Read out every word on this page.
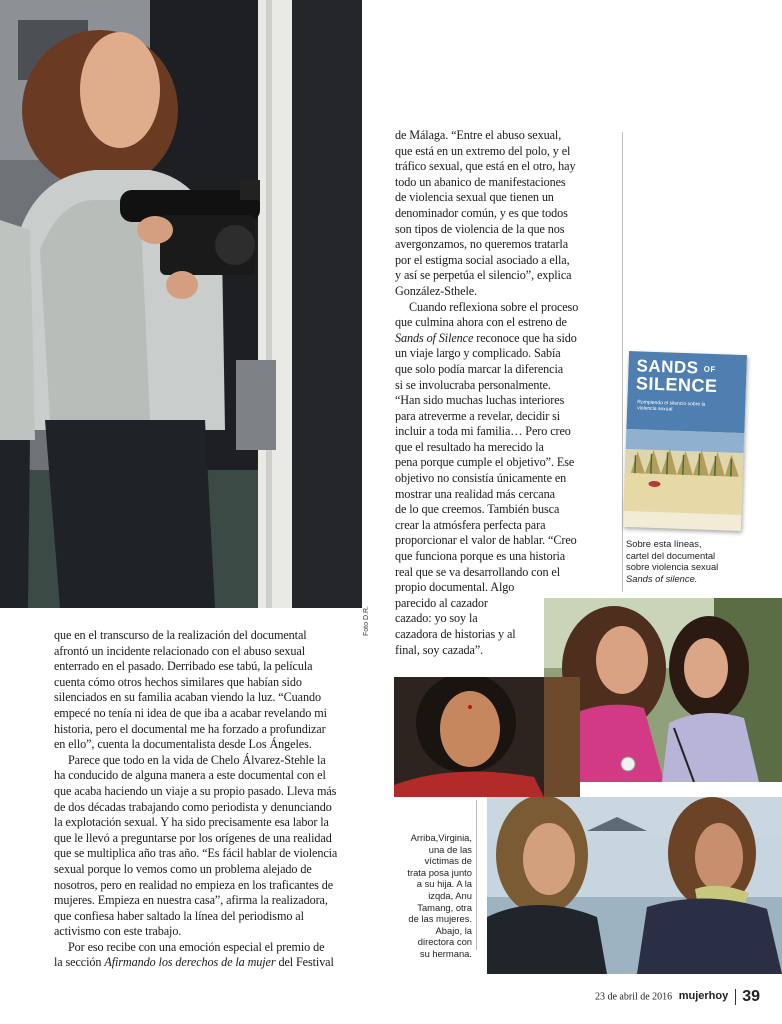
Foto D.R.

de Málaga. “Entre el abuso sexual,

que está en un extremo del polo, y el

tráfico sexual, que está en el otro, hay

todo un abanico de manifestaciones

de violencia sexual que tienen un

denominador común, y es que todos

son tipos de violencia de la que nos

avergonzamos, no queremos tratarla

por el estigma social asociado a ella,

y así se perpetúa el silencio”, explica

González-Sthele.

Cuando reflexiona sobre el proceso

que culmina ahora con el estreno de

Sands of Silence reconoce que ha sido

un viaje largo y complicado. Sabía

que solo podía marcar la diferencia

si se involucraba personalmente.

“Han sido muchas luchas interiores

para atreverme a revelar, decidir si

incluir a toda mi familia… Pero creo

que el resultado ha merecido la

pena porque cumple el objetivo”. Ese

objetivo no consistía únicamente en

mostrar una realidad más cercana

de lo que creemos. También busca

crear la atmósfera perfecta para

proporcionar el valor de hablar. “Creo

que funciona porque es una historia

real que se va desarrollando con el

propio documental. Algo

parecido al cazador

cazado: yo soy la

cazadora de historias y al

final, soy cazada”.

SANDS OF
SILENCE
Rompiendo el silencio sobre la violencia sexual
Sobre esta líneas,
cartel del documental
sobre violencia sexual
Sands of silence.

que en el transcurso de la realización del documental

afrontó un incidente relacionado con el abuso sexual

enterrado en el pasado. Derribado ese tabú, la película

cuenta cómo otros hechos similares que habían sido

silenciados en su familia acaban viendo la luz. “Cuando

empecé no tenía ni idea de que iba a acabar revelando mi

historia, pero el documental me ha forzado a profundizar

en ello”, cuenta la documentalista desde Los Ángeles.

Parece que todo en la vida de Chelo Álvarez-Stehle la

ha conducido de alguna manera a este documental con el

que acaba haciendo un viaje a su propio pasado. Lleva más

de dos décadas trabajando como periodista y denunciando

la explotación sexual. Y ha sido precisamente esa labor la

que le llevó a preguntarse por los orígenes de una realidad

que se multiplica año tras año. “Es fácil hablar de violencia

sexual porque lo vemos como un problema alejado de

nosotros, pero en realidad no empieza en los traficantes de

mujeres. Empieza en nuestra casa”, afirma la realizadora,

que confiesa haber saltado la línea del periodismo al

activismo con este trabajo.

Por eso recibe con una emoción especial el premio de

la sección Afirmando los derechos de la mujer del Festival

Arriba,Virginia,
una de las
víctimas de
trata posa junto
a su hija. A la
izqda, Anu
Tamang, otra
de las mujeres.
Abajo, la
directora con
su hermana.
23 de abril de 2016 mujerhoy 39
